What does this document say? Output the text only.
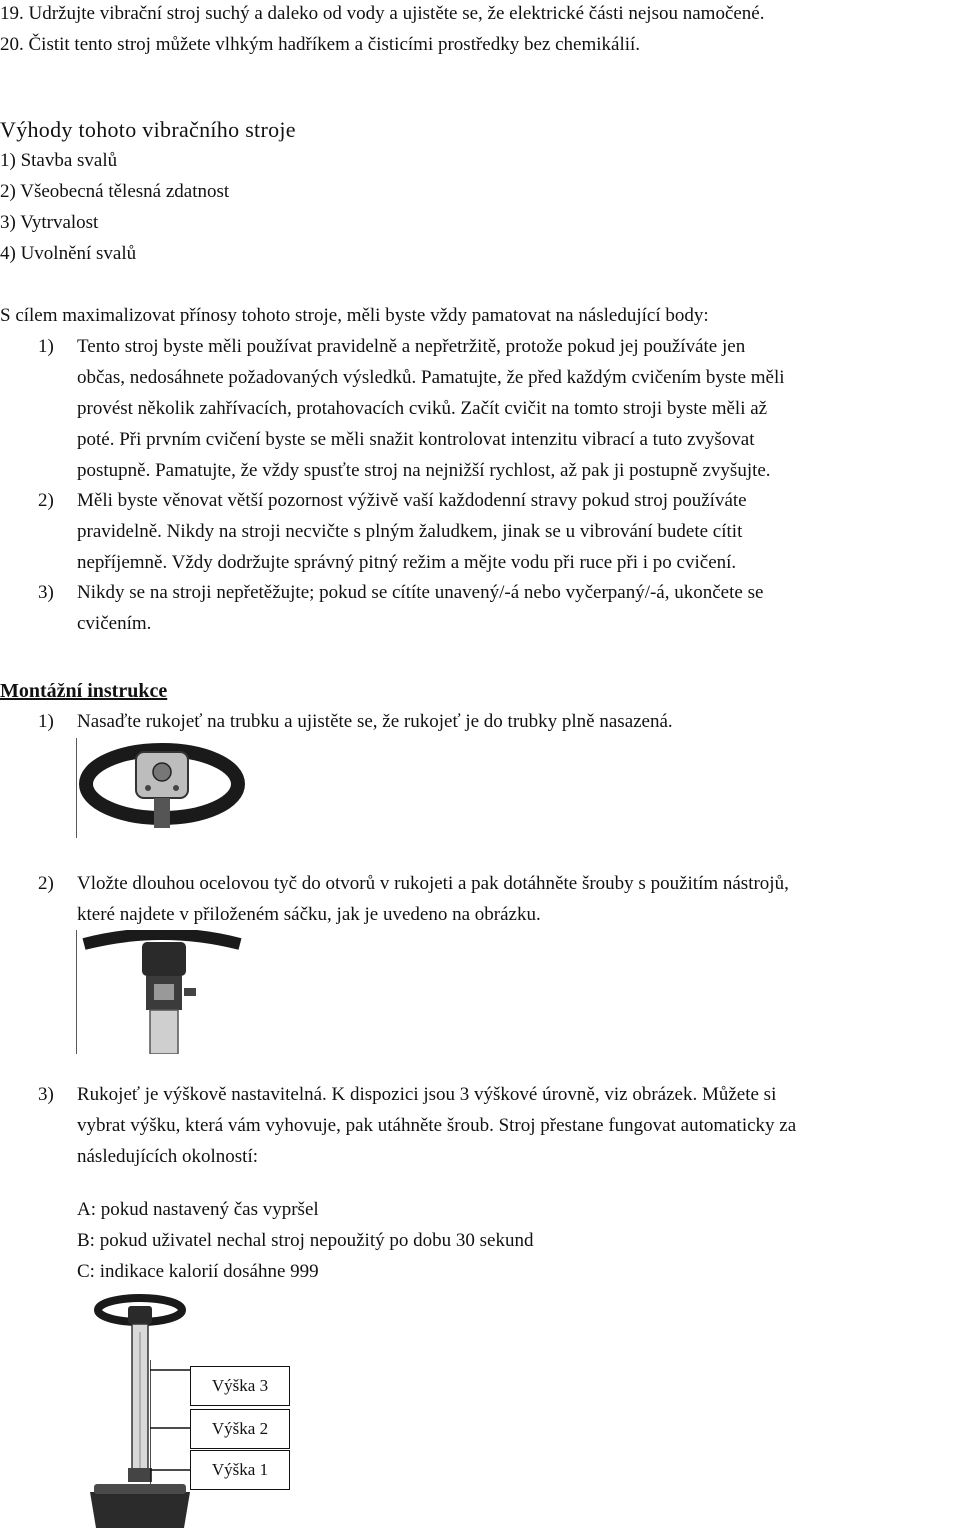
19. Udržujte vibrační stroj suchý a daleko od vody a ujistěte se, že elektrické části nejsou namočené.
20. Čistit tento stroj můžete vlhkým hadříkem a čisticími prostředky bez chemikálií.
Výhody tohoto vibračního stroje
1) Stavba svalů
2) Všeobecná tělesná zdatnost
3) Vytrvalost
4) Uvolnění svalů
S cílem maximalizovat přínosy tohoto stroje, měli byste vždy pamatovat na následující body:
1) Tento stroj byste měli používat pravidelně a nepřetržitě, protože pokud jej používáte jen
občas, nedosáhnete požadovaných výsledků. Pamatujte, že před každým cvičením byste měli
provést několik zahřívacích, protahovacích cviků. Začít cvičit na tomto stroji byste měli až
poté. Při prvním cvičení byste se měli snažit kontrolovat intenzitu vibrací a tuto zvyšovat
postupně. Pamatujte, že vždy spusťte stroj na nejnižší rychlost, až pak ji postupně zvyšujte.
2) Měli byste věnovat větší pozornost výživě vaší každodenní stravy pokud stroj používáte
pravidelně. Nikdy na stroji necvičte s plným žaludkem, jinak se u vibrování budete cítit
nepříjemně. Vždy dodržujte správný pitný režim a mějte vodu při ruce při i po cvičení.
3) Nikdy se na stroji nepřetěžujte; pokud se cítíte unavený/-á nebo vyčerpaný/-á, ukončete se
cvičením.
Montážní instrukce
1) Nasaďte rukojeť na trubku a ujistěte se, že rukojeť je do trubky plně nasazená.
2) Vložte dlouhou ocelovou tyč do otvorů v rukojeti a pak dotáhněte šrouby s použitím nástrojů,
které najdete v přiloženém sáčku, jak je uvedeno na obrázku.
3) Rukojeť je výškově nastavitelná. K dispozici jsou 3 výškové úrovně, viz obrázek. Můžete si
vybrat výšku, která vám vyhovuje, pak utáhněte šroub. Stroj přestane fungovat automaticky za
následujících okolností:
A: pokud nastavený čas vypršel
B: pokud uživatel nechal stroj nepoužitý po dobu 30 sekund
C: indikace kalorií dosáhne 999
Výška 3
Výška 2
Výška 1
